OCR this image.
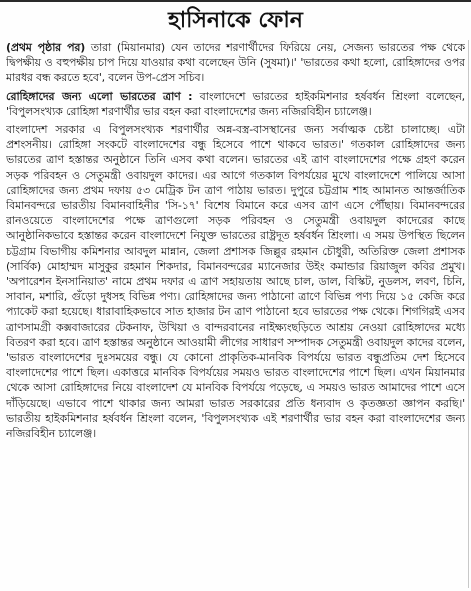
হাসিনাকে ফোন

(প্রথম পৃষ্ঠার পর) তারা (মিয়ানমার) যেন তাদের শরণার্থীদের ফিরিয়ে নেয়, সেজন্য ভারতের পক্ষ থেকে দ্বিপক্ষীয় ও বহুপক্ষীয় চাপ দিয়ে যাওয়ার কথা বলেছেন উনি (সুষমা)।' 'ভারতের কথা হলো, রোহিঙ্গাদের ওপর মারধর বন্ধ করতে হবে', বলেন উপ-প্রেস সচিব।

রোহিঙ্গাদের জন্য এলো ভারতের ত্রাণ : বাংলাদেশে ভারতের হাইকমিশনার হর্ষবর্ধন শ্রিংলা বলেছেন, 'বিপুলসংখ্যক রোহিঙ্গা শরণার্থীর ভার বহন করা বাংলাদেশের জন্য নজিরবিহীন চ্যালেঞ্জ।

বাংলাদেশ সরকার এ বিপুলসংখ্যক শরণার্থীর অন্ন-বস্ত্র-বাসস্থানের জন্য সর্বাত্মক চেষ্টা চালাচ্ছে। এটা প্রশংসনীয়। রোহিঙ্গা সংকটে বাংলাদেশের বন্ধু হিসেবে পাশে থাকবে ভারত।' গতকাল রোহিঙ্গাদের জন্য ভারতের ত্রাণ হস্তান্তর অনুষ্ঠানে তিনি এসব কথা বলেন। ভারতের এই ত্রাণ বাংলাদেশের পক্ষে গ্রহণ করেন সড়ক পরিবহন ও সেতুমন্ত্রী ওবায়দুল কাদের। এর আগে গতকাল বিপর্যয়ের মুখে বাংলাদেশে পালিয়ে আসা রোহিঙ্গাদের জন্য প্রথম দফায় ৫৩ মেট্রিক টন ত্রাণ পাঠায় ভারত। দুপুরে চট্টগ্রাম শাহ আমানত আন্তর্জাতিক বিমানবন্দরে ভারতীয় বিমানবাহিনীর 'সি-১৭' বিশেষ বিমানে করে এসব ত্রাণ এসে পৌঁছায়। বিমানবন্দরের রানওয়েতে বাংলাদেশের পক্ষে ত্রাণগুলো সড়ক পরিবহন ও সেতুমন্ত্রী ওবায়দুল কাদেরের কাছে আনুষ্ঠানিকভাবে হস্তান্তর করেন বাংলাদেশে নিযুক্ত ভারতের রাষ্ট্রদূত হর্ষবর্ধন শ্রিংলা। এ সময় উপস্থিত ছিলেন চট্টগ্রাম বিভাগীয় কমিশনার আবদুল মান্নান, জেলা প্রশাসক জিল্লুর রহমান চৌধুরী, অতিরিক্ত জেলা প্রশাসক (সার্বিক) মোহাম্মদ মাসুকুর রহমান শিকদার, বিমানবন্দরের ম্যানেজার উইং কমান্ডার রিয়াজুল কবির প্রমুখ। 'অপারেশন ইনসানিয়াত' নামে প্রথম দফার এ ত্রাণ সহায়তায় আছে চাল, ডাল, বিস্কিট, নুডলস, লবণ, চিনি, সাবান, মশারি, গুঁড়ো দুধসহ বিভিন্ন পণ্য। রোহিঙ্গাদের জন্য পাঠানো ত্রাণে বিভিন্ন পণ্য দিয়ে ১৫ কেজি করে প্যাকেট করা হয়েছে। ধারাবাহিকভাবে সাত হাজার টন ত্রাণ পাঠানো হবে ভারতের পক্ষ থেকে। শিগগিরই এসব ত্রাণসামগ্রী কক্সবাজারের টেকনাফ, উখিয়া ও বান্দরবানের নাইক্ষ্যংছড়িতে আশ্রয় নেওয়া রোহিঙ্গাদের মধ্যে বিতরণ করা হবে। ত্রাণ হস্তান্তর অনুষ্ঠানে আওয়ামী লীগের সাধারণ সম্পাদক সেতুমন্ত্রী ওবায়দুল কাদের বলেন, 'ভারত বাংলাদেশের দুঃসময়ের বন্ধু। যে কোনো প্রাকৃতিক-মানবিক বিপর্যয়ে ভারত বন্ধুপ্রতিম দেশ হিসেবে বাংলাদেশের পাশে ছিল। একাত্তরে মানবিক বিপর্যয়ের সময়ও ভারত বাংলাদেশের পাশে ছিল। এখন মিয়ানমার থেকে আসা রোহিঙ্গাদের নিয়ে বাংলাদেশ যে মানবিক বিপর্যয়ে পড়েছে, এ সময়ও ভারত আমাদের পাশে এসে দাঁড়িয়েছে। এভাবে পাশে থাকার জন্য আমরা ভারত সরকারের প্রতি ধন্যবাদ ও কৃতজ্ঞতা জ্ঞাপন করছি।' ভারতীয় হাইকমিশনার হর্ষবর্ধন শ্রিংলা বলেন, 'বিপুলসংখ্যক এই শরণার্থীর ভার বহন করা বাংলাদেশের জন্য নজিরবিহীন চ্যালেঞ্জ।
